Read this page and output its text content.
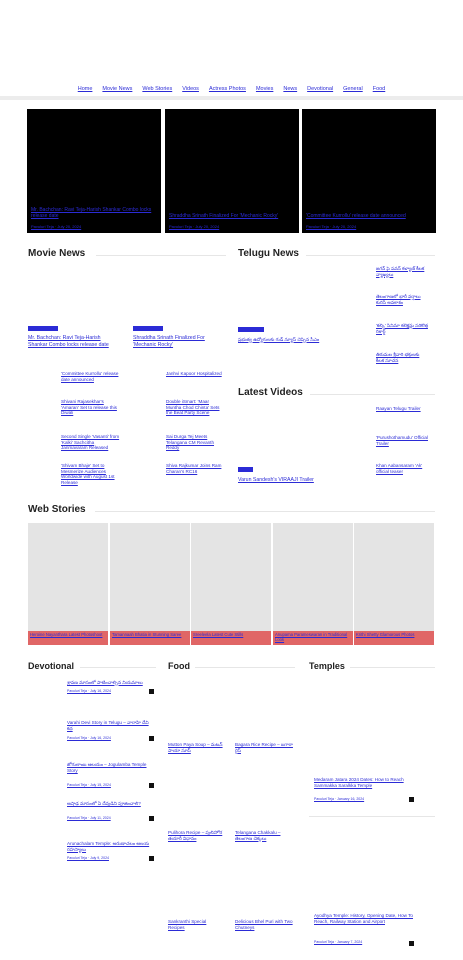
Home Movie News Web Stories Videos Actress Photos Movies News Devotional General Food
Mr. Bachchan: Ravi Teja-Harish Shankar Combo locks release date
Pavuluri Teja · July 20, 2024
Shraddha Srinath Finalized For 'Mechanic Rocky'
Pavuluri Teja · July 20, 2024
'Committee Kurrollu' release date announced
Pavuluri Teja · July 20, 2024
Movie News
Mr. Bachchan: Ravi Teja-Harish Shankar Combo locks release date
Shraddha Srinath Finalized For 'Mechanic Rocky'
'Committee Kurrollu' release date announced
Shivani Rajasekhar's 'Amaran' Set to release this Diwali
Second Single 'Vasanti' from 'Kalki' Sachcitha Janmavaram Released
'Shivam Bhaje' Set to Mesmerize Audiences Worldwide with August 1st Release
Janhvi Kapoor Hospitalized
Double iSmart: 'Maar Muntha Chod Chinta' Sets the Beat Party Scene
Sai Durga Tej Meets Telangana CM Revanth Reddy
Shiva Rajkumar Joins Ram Charan's RC16
Telugu News
ప్రభుత్వ ఉద్యోగులకు గుడ్ న్యూస్ చెప్పిన సీఎం
జగన్ పై పవన్ కళ్యాణ్ కీలక వ్యాఖ్యలు
తెలంగాణలో భారీ వర్షాలు కురిసే అవకాశం
'కల్కి' సినిమా కలెక్షన్లు సరికొత్త రికార్డ్
తిరుమల శ్రీవారి భక్తులకు కీలక సూచన
Latest Videos
Varun Sandesh's VIRAAJI Trailer
Raayan Telugu Trailer
'Purushothamudu' Official Trailer
Khan Aabansaram 'Ak' official teaser
Web Stories
Heroine Nayanthara Latest Photoshoot	Tamannaah Bhatia in Stunning Saree	Sreeleela Latest Cute Stills	Anupama Parameswaran in Traditional Look
Krithi Shetty Glamorous Photos
Devotional
శ్రావణ మాసంలో పాటించాల్సిన నియమాలు
Pavuluri Teja · July 16, 2024
Varahi Devi Story in Telugu – వారాహి దేవి కథ
Pavuluri Teja · July 16, 2024
జోగులాంబ ఆలయం – Jogulamba Temple Story
Pavuluri Teja · July 15, 2024
ఆషాఢ మాసంలో ఏ దేవుడిని పూజించాలి?
Pavuluri Teja · July 11, 2024
Arunachalam Temple: అరుణాచలం ఆలయ రహస్యాలు
Pavuluri Teja · July 9, 2024
Food
Mutton Paya Soup – మటన్ పాయా సూప్
Bagara Rice Recipe – బగారా రైస్
Pulihora Recipe – పులిహోర తయారీ విధానం
Telangana Chakkalu – తెలంగాణ చెక్కలు
Sankranthi Special Recipes
Delicious Bhel Puri with Two Chutneys
Temples
Medaram Jatara 2024 Dates: How to Reach Sammakka Saralkka Temple
Pavuluri Teja · January 16, 2024
Ayodhya Temple: History, Opening Date, How To Reach, Railway Station and Airport
Pavuluri Teja · January 7, 2024
